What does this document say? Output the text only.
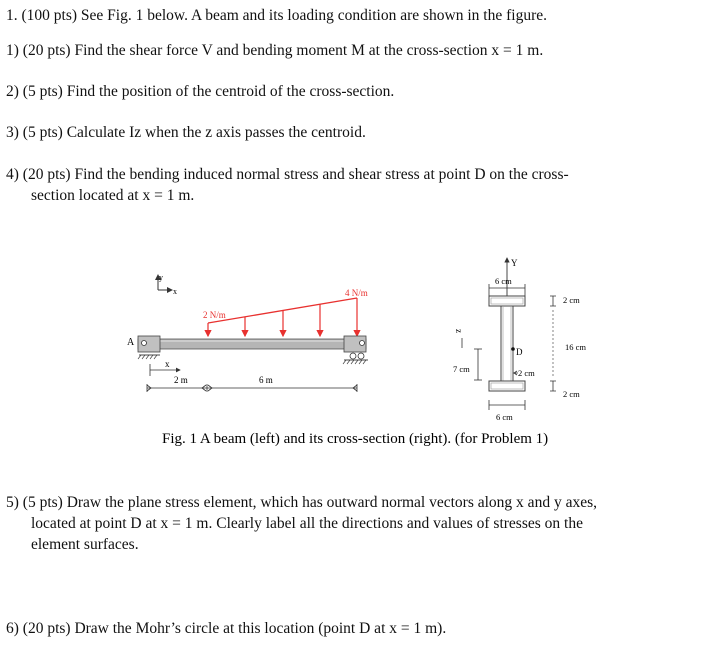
1. (100 pts) See Fig. 1 below. A beam and its loading condition are shown in the figure.
1) (20 pts) Find the shear force V and bending moment M at the cross-section x = 1 m.
2) (5 pts) Find the position of the centroid of the cross-section.
3) (5 pts) Calculate Iz when the z axis passes the centroid.
4) (20 pts) Find the bending induced normal stress and shear stress at point D on the cross-
section located at x = 1 m.
y
x
2 N/m
4 N/m
A
x
2 m	6 m
Y
6 cm
z
D
7 cm	2 cm
2 cm
16 cm
2 cm
6 cm
Fig. 1 A beam (left) and its cross-section (right). (for Problem 1)
5) (5 pts) Draw the plane stress element, which has outward normal vectors along x and y axes,
located at point D at x = 1 m. Clearly label all the directions and values of stresses on the
element surfaces.
6) (20 pts) Draw the Mohr’s circle at this location (point D at x = 1 m).
